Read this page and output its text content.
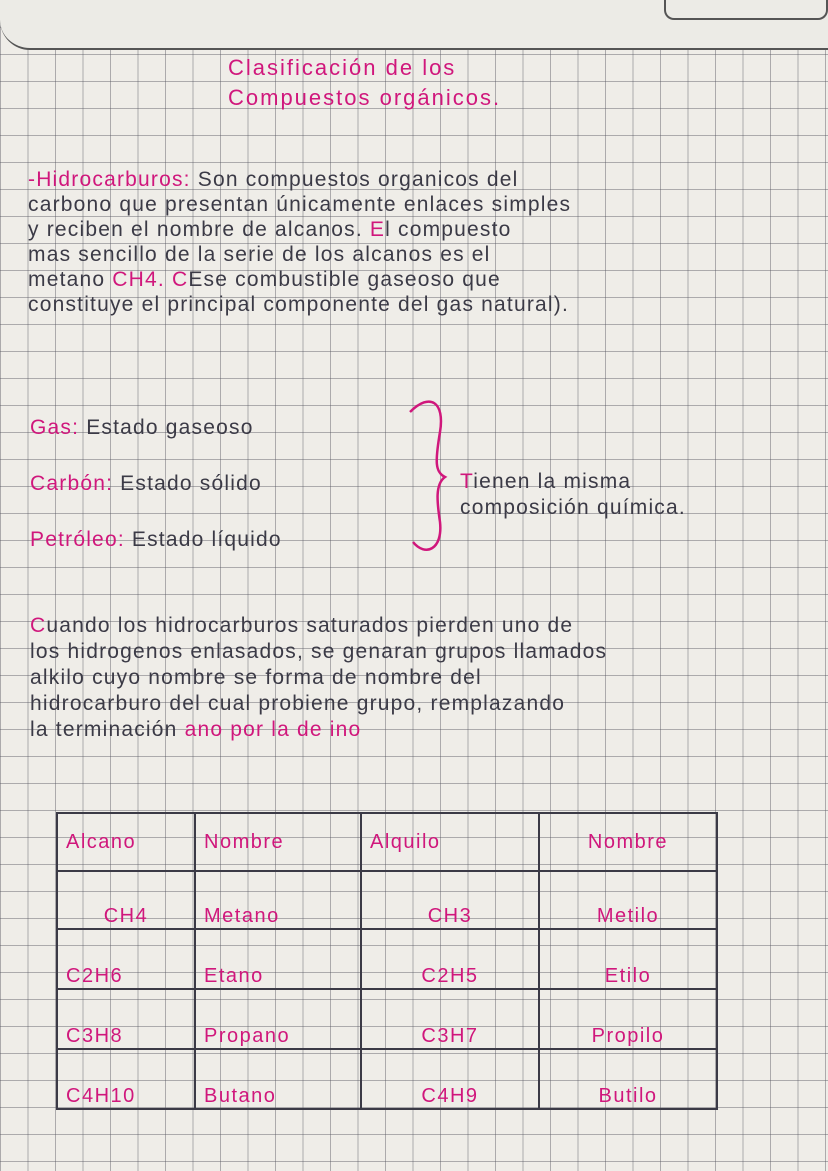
Clasificación de los
Compuestos orgánicos.
-Hidrocarburos: Son compuestos organicos del
carbono que presentan únicamente enlaces simples
y reciben el nombre de alcanos. El compuesto
mas sencillo de la serie de los alcanos es el
metano CH4. CEse combustible gaseoso que
constituye el principal componente del gas natural).
Gas: Estado gaseoso
Carbón: Estado sólido
Petróleo: Estado líquido
Tienen la misma
composición química.
Cuando los hidrocarburos saturados pierden uno de
los hidrogenos enlasados, se genaran grupos llamados
alkilo cuyo nombre se forma de nombre del
hidrocarburo del cual probiene grupo, remplazando
la terminación ano por la de ino
Alcano	Nombre	Alquilo	Nombre
CH4	Metano	CH3	Metilo
C2H6	Etano	C2H5	Etilo
C3H8	Propano	C3H7	Propilo
C4H10	Butano	C4H9	Butilo
